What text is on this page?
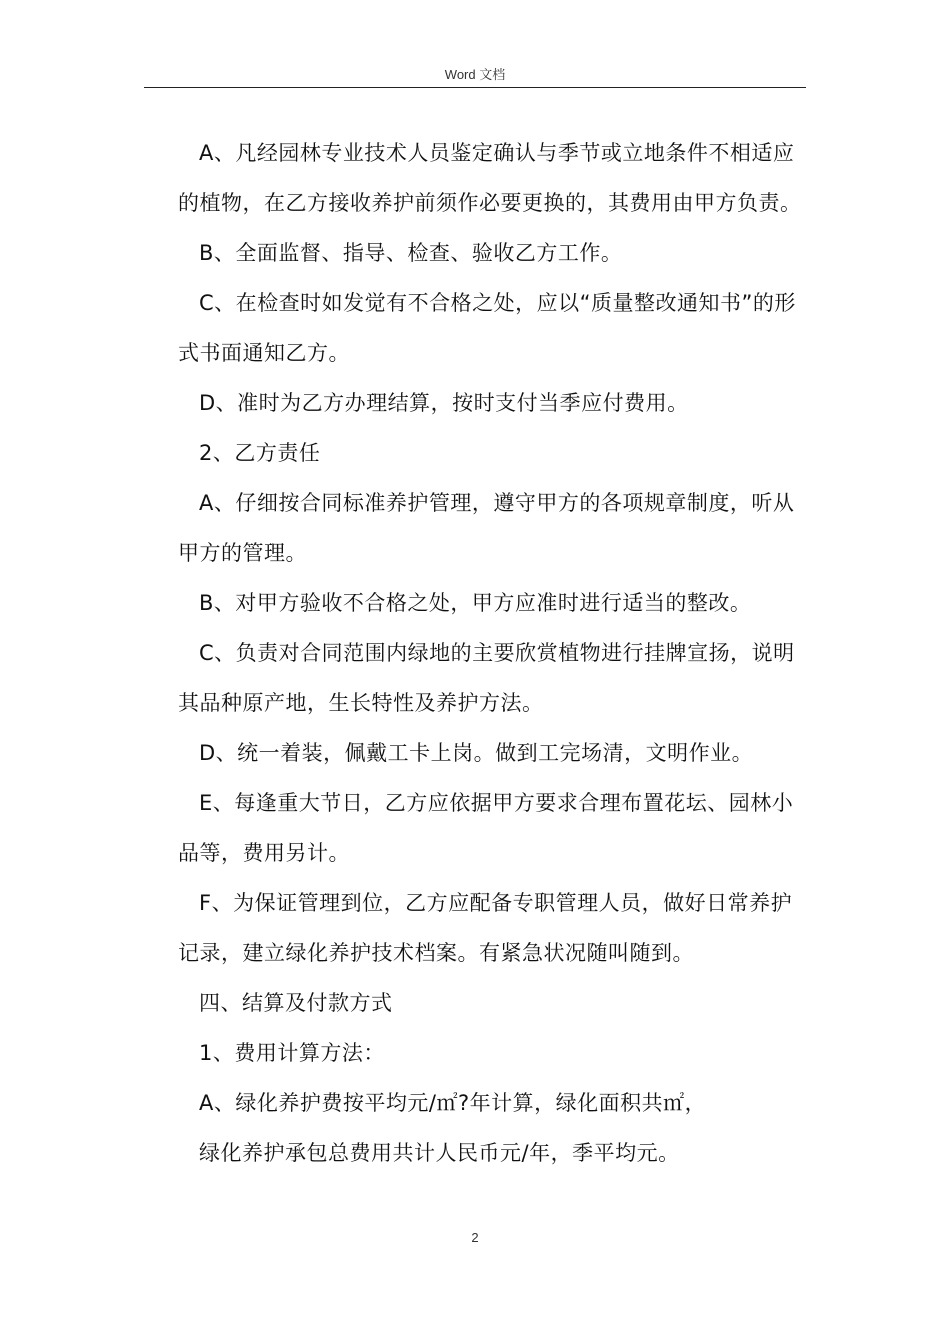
Word 文档

A、凡经园林专业技术人员鉴定确认与季节或立地条件不相适应的植物，在乙方接收养护前须作必要更换的，其费用由甲方负责。

B、全面监督、指导、检查、验收乙方工作。

C、在检查时如发觉有不合格之处，应以“质量整改通知书”的形式书面通知乙方。

D、准时为乙方办理结算，按时支付当季应付费用。

2、乙方责任

A、仔细按合同标准养护管理，遵守甲方的各项规章制度，听从甲方的管理。

B、对甲方验收不合格之处，甲方应准时进行适当的整改。

C、负责对合同范围内绿地的主要欣赏植物进行挂牌宣扬，说明其品种原产地，生长特性及养护方法。

D、统一着装，佩戴工卡上岗。做到工完场清，文明作业。

E、每逢重大节日，乙方应依据甲方要求合理布置花坛、园林小品等，费用另计。

F、为保证管理到位，乙方应配备专职管理人员，做好日常养护记录，建立绿化养护技术档案。有紧急状况随叫随到。

四、结算及付款方式

1、费用计算方法：

A、绿化养护费按平均元/㎡?年计算，绿化面积共㎡，

绿化养护承包总费用共计人民币元/年，季平均元。

2
